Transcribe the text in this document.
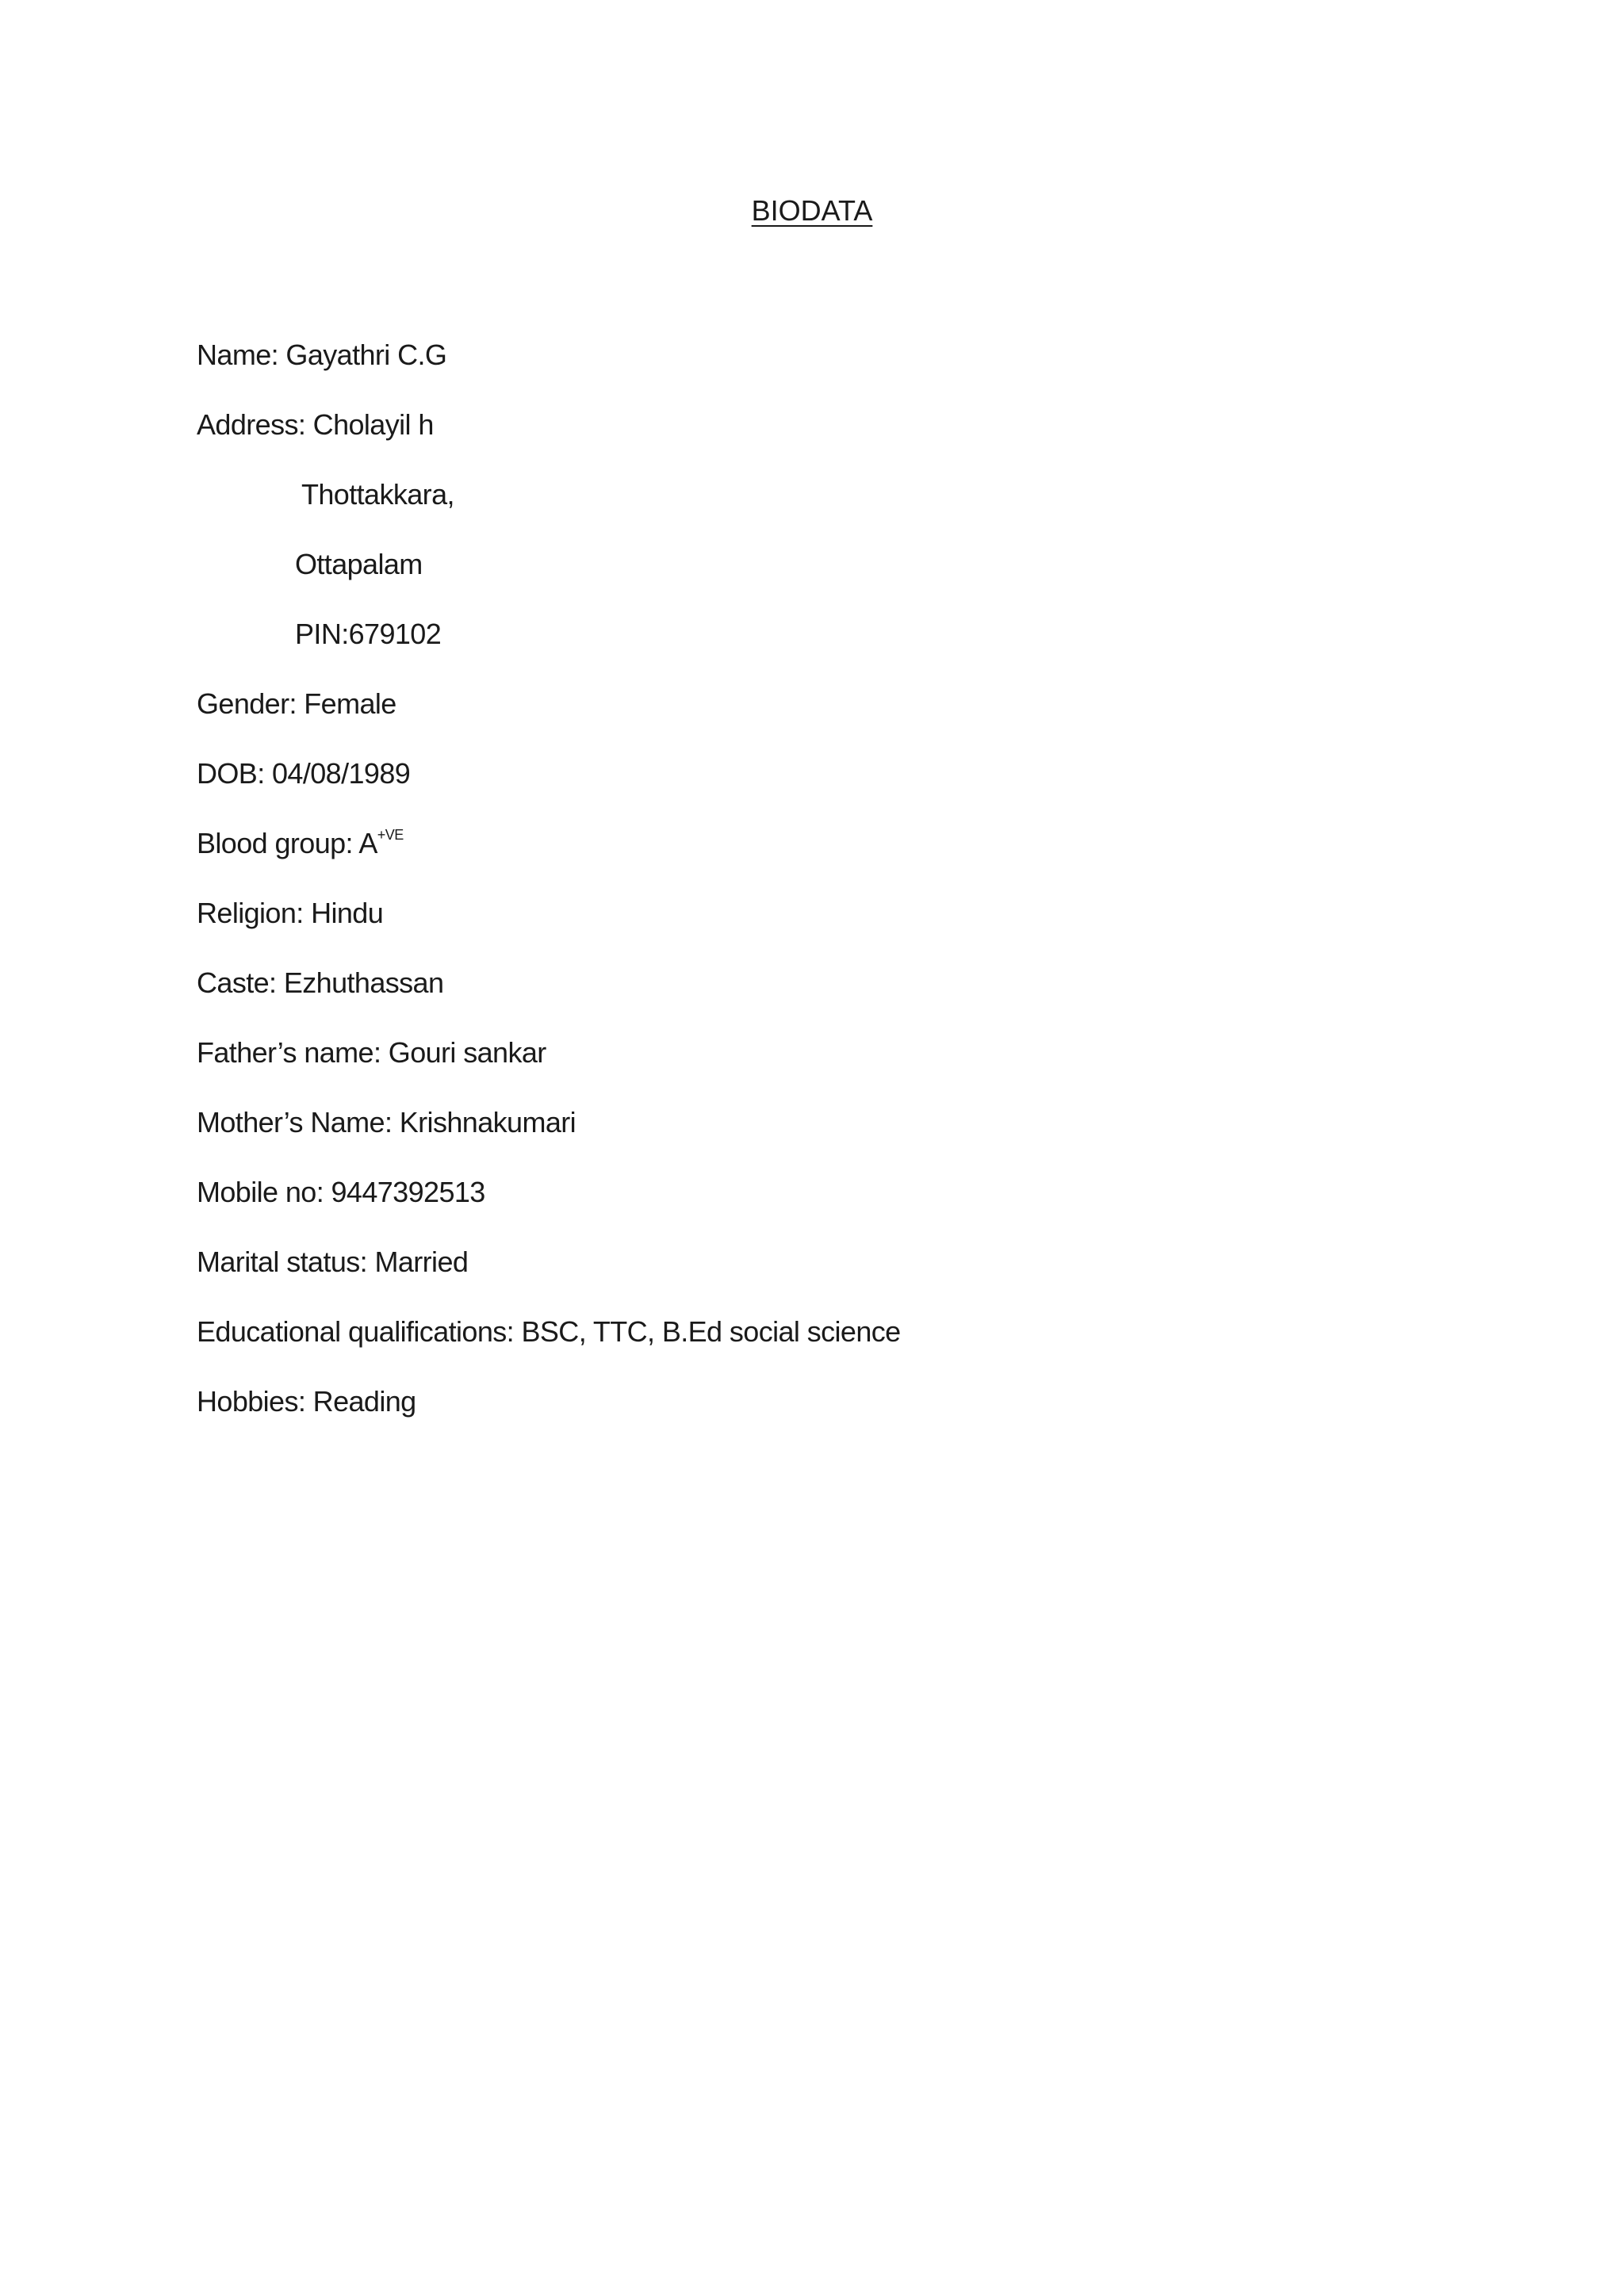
BIODATA
Name: Gayathri C.G
Address: Cholayil h
Thottakkara,
Ottapalam
PIN:679102
Gender: Female
DOB: 04/08/1989
Blood group: $A^{+VE}$
Religion: Hindu
Caste: Ezhuthassan
Father’s name: Gouri sankar
Mother’s Name: Krishnakumari
Mobile no: 9447392513
Marital status: Married
Educational qualifications: BSC, TTC, B.Ed social science
Hobbies: Reading
